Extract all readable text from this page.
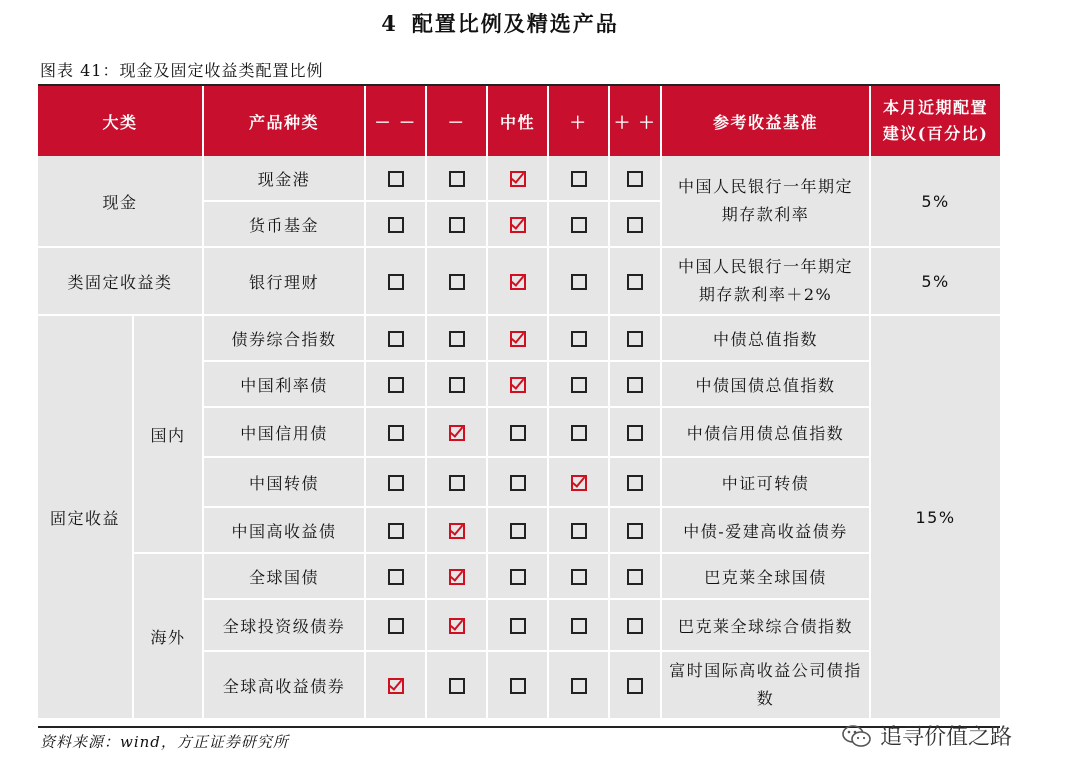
4 配置比例及精选产品
图表 41：现金及固定收益类配置比例
大类		产品种类	－ －	－	中性	＋	＋ ＋	参考收益基准	本月近期配置
建议(百分比)

现金		现金港						中国人民银行一年期定
期存款利率	5%
		货币基金							
类固定收益类		银行理财						中国人民银行一年期定
期存款利率＋2%	5%
固定收益	国内	债券综合指数						中债总值指数	15%
		中国利率债						中债国债总值指数	
		中国信用债						中债信用债总值指数	
		中国转债						中证可转债	
		中国高收益债						中债-爱建高收益债券	
	海外	全球国债						巴克莱全球国债	
		全球投资级债券						巴克莱全球综合债指数	
		全球高收益债券						富时国际高收益公司债指
数	
资料来源：wind，方正证券研究所	追寻价值之路
